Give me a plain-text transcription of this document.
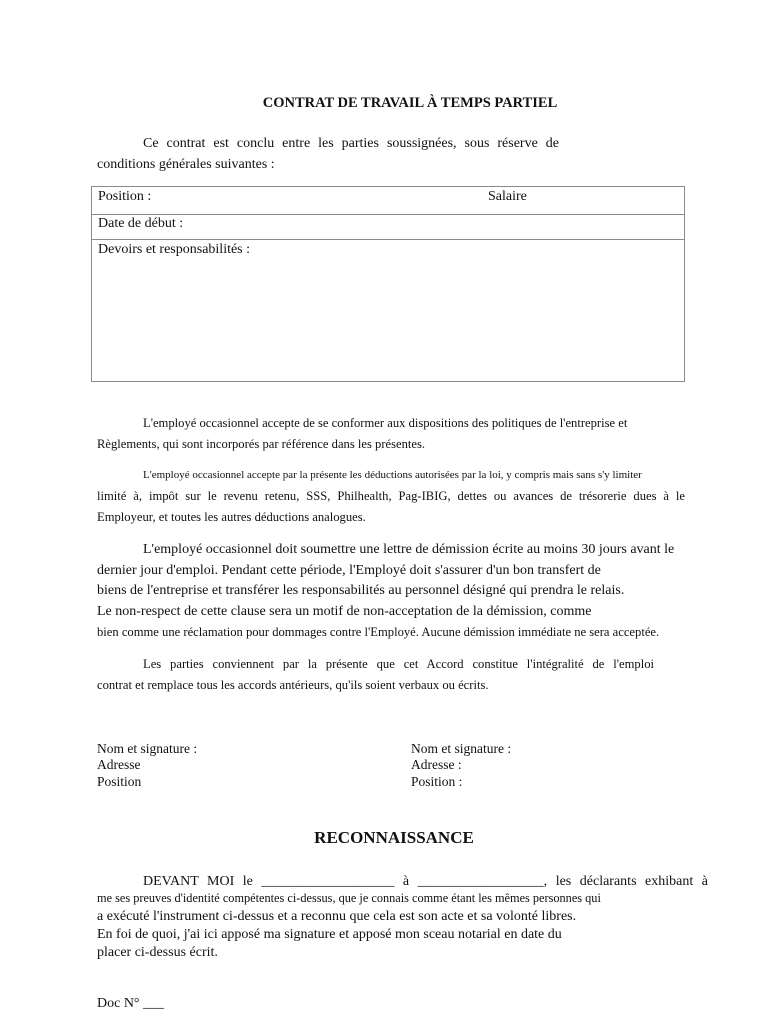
CONTRAT DE TRAVAIL À TEMPS PARTIEL
Ce contrat est conclu entre les parties soussignées, sous réserve de
conditions générales suivantes :
Position :	Salaire
Date de début :
Devoirs et responsabilités :
L'employé occasionnel accepte de se conformer aux dispositions des politiques de l'entreprise et
Règlements, qui sont incorporés par référence dans les présentes.
L'employé occasionnel accepte par la présente les déductions autorisées par la loi, y compris mais sans s'y limiter
limité à, impôt sur le revenu retenu, SSS, Philhealth, Pag-IBIG, dettes ou avances de trésorerie dues à le
Employeur, et toutes les autres déductions analogues.
L'employé occasionnel doit soumettre une lettre de démission écrite au moins 30 jours avant le
dernier jour d'emploi. Pendant cette période, l'Employé doit s'assurer d'un bon transfert de
biens de l'entreprise et transférer les responsabilités au personnel désigné qui prendra le relais.
Le non-respect de cette clause sera un motif de non-acceptation de la démission, comme
bien comme une réclamation pour dommages contre l'Employé. Aucune démission immédiate ne sera acceptée.
Les parties conviennent par la présente que cet Accord constitue l'intégralité de l'emploi
contrat et remplace tous les accords antérieurs, qu'ils soient verbaux ou écrits.
Nom et signature :
Adresse
Position
Nom et signature :
Adresse :
Position :
RECONNAISSANCE
DEVANT MOI le ___________________ à __________________, les déclarants exhibant à
me ses preuves d'identité compétentes ci-dessus, que je connais comme étant les mêmes personnes qui
a exécuté l'instrument ci-dessus et a reconnu que cela est son acte et sa volonté libres.
En foi de quoi, j'ai ici apposé ma signature et apposé mon sceau notarial en date du
placer ci-dessus écrit.
Doc N° ___
